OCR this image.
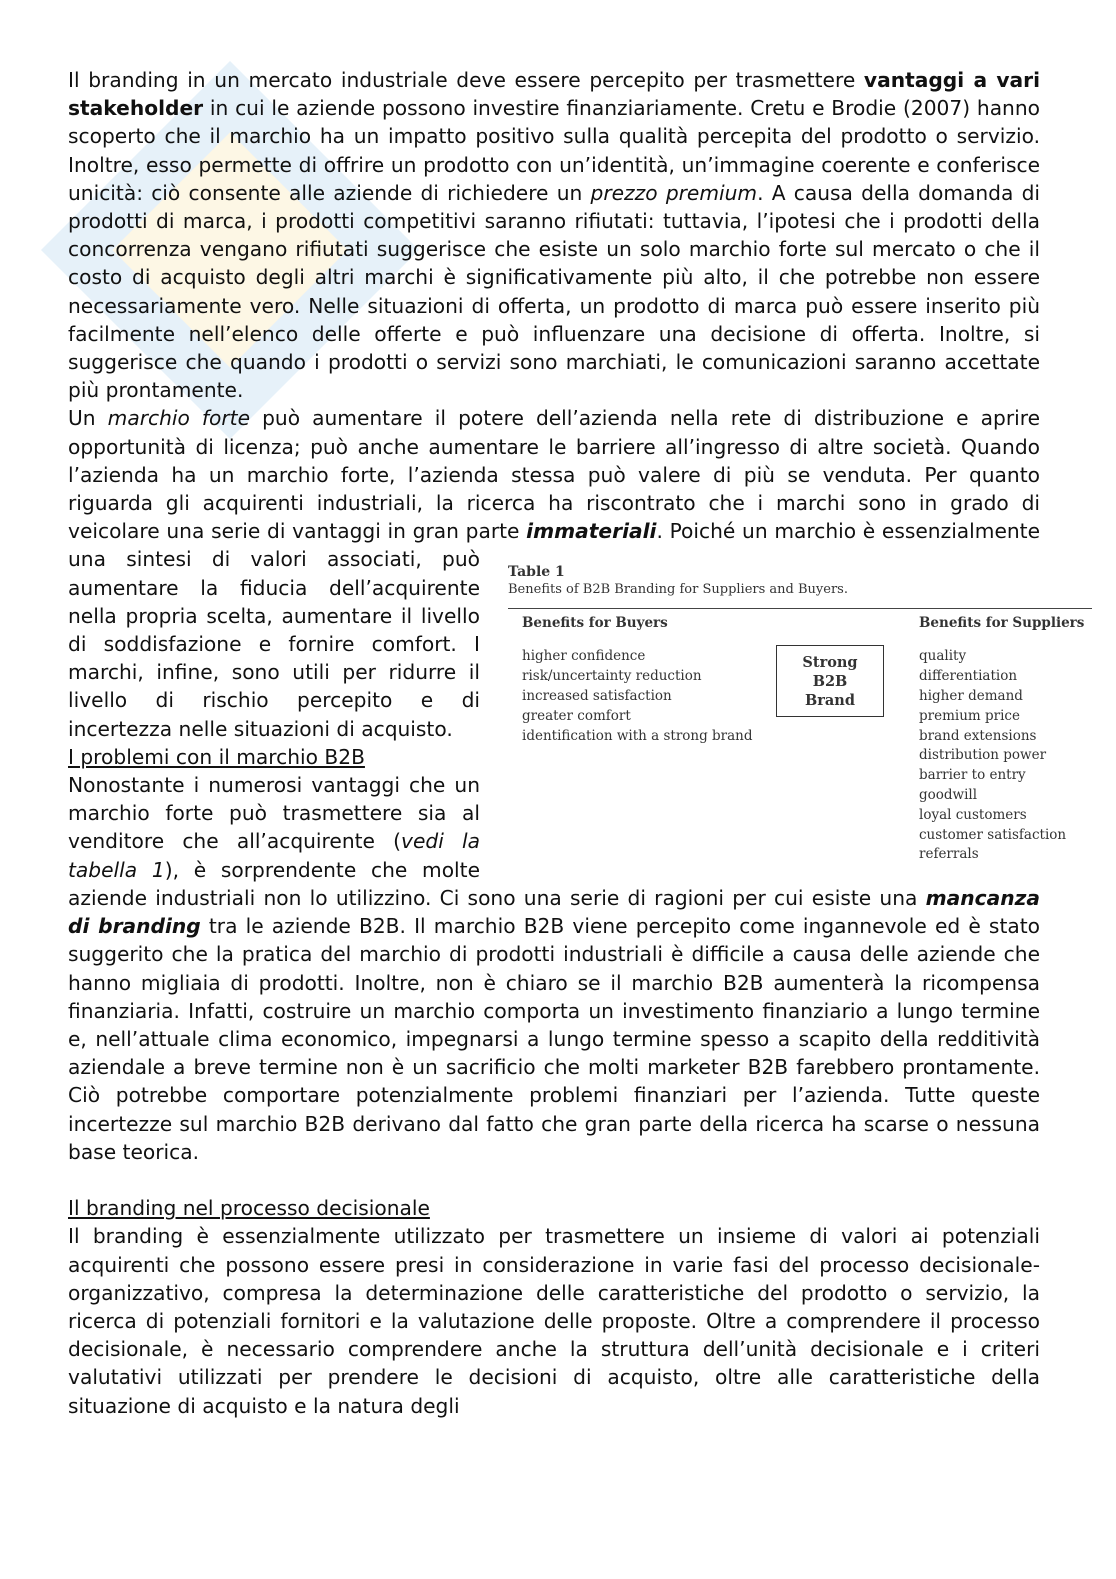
Il branding in un mercato industriale deve essere percepito per trasmettere vantaggi a vari stakeholder in cui le aziende possono investire finanziariamente. Cretu e Brodie (2007) hanno scoperto che il marchio ha un impatto positivo sulla qualità percepita del prodotto o servizio. Inoltre, esso permette di offrire un prodotto con un’identità, un’immagine coerente e conferisce unicità: ciò consente alle aziende di richiedere un prezzo premium. A causa della domanda di prodotti di marca, i prodotti competitivi saranno rifiutati: tuttavia, l’ipotesi che i prodotti della concorrenza vengano rifiutati suggerisce che esiste un solo marchio forte sul mercato o che il costo di acquisto degli altri marchi è significativamente più alto, il che potrebbe non essere necessariamente vero. Nelle situazioni di offerta, un prodotto di marca può essere inserito più facilmente nell’elenco delle offerte e può influenzare una decisione di offerta. Inoltre, si suggerisce che quando i prodotti o servizi sono marchiati, le comunicazioni saranno accettate più prontamente.

Un marchio forte può aumentare il potere dell’azienda nella rete di distribuzione e aprire opportunità di licenza; può anche aumentare le barriere all’ingresso di altre società. Quando l’azienda ha un marchio forte, l’azienda stessa può valere di più se venduta. Per quanto riguarda gli acquirenti industriali, la ricerca ha riscontrato che i marchi sono in grado di veicolare una serie di vantaggi in gran parte
Table 1
Benefits of B2B Branding for Suppliers and Buyers.
Benefits for Buyers	Benefits for Suppliers
higher confidence
risk/uncertainty reduction
increased satisfaction
greater comfort
identification with a strong brand
Strong
B2B
Brand
quality
differentiation
higher demand
premium price
brand extensions
distribution power
barrier to entry
goodwill
loyal customers
customer satisfaction
referrals
immateriali. Poiché un marchio è essenzialmente una sintesi di valori associati, può aumentare la fiducia dell’acquirente nella propria scelta, aumentare il livello di soddisfazione e fornire comfort. I marchi, infine, sono utili per ridurre il livello di rischio percepito e di incertezza nelle situazioni di acquisto.

I problemi con il marchio B2B

Nonostante i numerosi vantaggi che un marchio forte può trasmettere sia al venditore che all’acquirente (vedi la tabella 1), è sorprendente che molte aziende industriali non lo utilizzino. Ci sono una serie di ragioni per cui esiste una mancanza di branding tra le aziende B2B. Il marchio B2B viene percepito come ingannevole ed è stato suggerito che la pratica del marchio di prodotti industriali è difficile a causa delle aziende che hanno migliaia di prodotti. Inoltre, non è chiaro se il marchio B2B aumenterà la ricompensa finanziaria. Infatti, costruire un marchio comporta un investimento finanziario a lungo termine e, nell’attuale clima economico, impegnarsi a lungo termine spesso a scapito della redditività aziendale a breve termine non è un sacrificio che molti marketer B2B farebbero prontamente. Ciò potrebbe comportare potenzialmente problemi finanziari per l’azienda. Tutte queste incertezze sul marchio B2B derivano dal fatto che gran parte della ricerca ha scarse o nessuna base teorica.

Il branding nel processo decisionale

Il branding è essenzialmente utilizzato per trasmettere un insieme di valori ai potenziali acquirenti che possono essere presi in considerazione in varie fasi del processo decisionale-organizzativo, compresa la determinazione delle caratteristiche del prodotto o servizio, la ricerca di potenziali fornitori e la valutazione delle proposte. Oltre a comprendere il processo decisionale, è necessario comprendere anche la struttura dell’unità decisionale e i criteri valutativi utilizzati per prendere le decisioni di acquisto, oltre alle caratteristiche della situazione di acquisto e la natura degli
